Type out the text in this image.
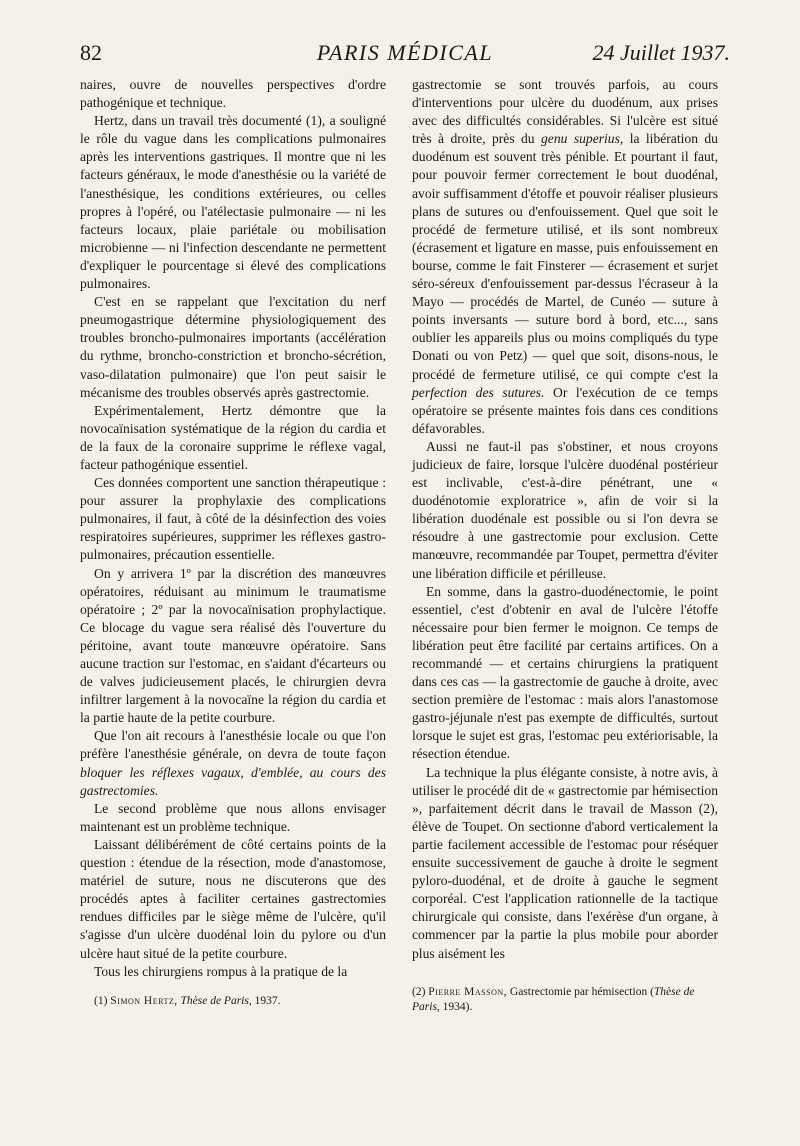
82	PARIS MÉDICAL	24 Juillet 1937.

naires, ouvre de nouvelles perspectives d'ordre pathogénique et technique.

Hertz, dans un travail très documenté (1), a souligné le rôle du vague dans les complications pulmonaires après les interventions gastriques. Il montre que ni les facteurs généraux, le mode d'anesthésie ou la variété de l'anesthésique, les conditions extérieures, ou celles propres à l'opéré, ou l'atélectasie pulmonaire — ni les facteurs locaux, plaie pariétale ou mobilisation microbienne — ni l'infection descendante ne permettent d'expliquer le pourcentage si élevé des complications pulmonaires.

C'est en se rappelant que l'excitation du nerf pneumogastrique détermine physiologiquement des troubles broncho-pulmonaires importants (accélération du rythme, broncho-constriction et broncho-sécrétion, vaso-dilatation pulmonaire) que l'on peut saisir le mécanisme des troubles observés après gastrectomie.

Expérimentalement, Hertz démontre que la novocaïnisation systématique de la région du cardia et de la faux de la coronaire supprime le réflexe vagal, facteur pathogénique essentiel.

Ces données comportent une sanction thérapeutique : pour assurer la prophylaxie des complications pulmonaires, il faut, à côté de la désinfection des voies respiratoires supérieures, supprimer les réflexes gastro-pulmonaires, précaution essentielle.

On y arrivera 1º par la discrétion des manœuvres opératoires, réduisant au minimum le traumatisme opératoire ; 2º par la novocaïnisation prophylactique. Ce blocage du vague sera réalisé dès l'ouverture du péritoine, avant toute manœuvre opératoire. Sans aucune traction sur l'estomac, en s'aidant d'écarteurs ou de valves judicieusement placés, le chirurgien devra infiltrer largement à la novocaïne la région du cardia et la partie haute de la petite courbure.

Que l'on ait recours à l'anesthésie locale ou que l'on préfère l'anesthésie générale, on devra de toute façon bloquer les réflexes vagaux, d'emblée, au cours des gastrectomies.

Le second problème que nous allons envisager maintenant est un problème technique.

Laissant délibérément de côté certains points de la question : étendue de la résection, mode d'anastomose, matériel de suture, nous ne discuterons que des procédés aptes à faciliter certaines gastrectomies rendues difficiles par le siège même de l'ulcère, qu'il s'agisse d'un ulcère duodénal loin du pylore ou d'un ulcère haut situé de la petite courbure.

Tous les chirurgiens rompus à la pratique de la

gastrectomie se sont trouvés parfois, au cours d'interventions pour ulcère du duodénum, aux prises avec des difficultés considérables. Si l'ulcère est situé très à droite, près du genu superius, la libération du duodénum est souvent très pénible. Et pourtant il faut, pour pouvoir fermer correctement le bout duodénal, avoir suffisamment d'étoffe et pouvoir réaliser plusieurs plans de sutures ou d'enfouissement. Quel que soit le procédé de fermeture utilisé, et ils sont nombreux (écrasement et ligature en masse, puis enfouissement en bourse, comme le fait Finsterer — écrasement et surjet séro-séreux d'enfouissement par-dessus l'écraseur à la Mayo — procédés de Martel, de Cunéo — suture à points inversants — suture bord à bord, etc..., sans oublier les appareils plus ou moins compliqués du type Donati ou von Petz) — quel que soit, disons-nous, le procédé de fermeture utilisé, ce qui compte c'est la perfection des sutures. Or l'exécution de ce temps opératoire se présente maintes fois dans ces conditions défavorables.

Aussi ne faut-il pas s'obstiner, et nous croyons judicieux de faire, lorsque l'ulcère duodénal postérieur est inclivable, c'est-à-dire pénétrant, une « duodénotomie exploratrice », afin de voir si la libération duodénale est possible ou si l'on devra se résoudre à une gastrectomie pour exclusion. Cette manœuvre, recommandée par Toupet, permettra d'éviter une libération difficile et périlleuse.

En somme, dans la gastro-duodénectomie, le point essentiel, c'est d'obtenir en aval de l'ulcère l'étoffe nécessaire pour bien fermer le moignon. Ce temps de libération peut être facilité par certains artifices. On a recommandé — et certains chirurgiens la pratiquent dans ces cas — la gastrectomie de gauche à droite, avec section première de l'estomac : mais alors l'anastomose gastro-jéjunale n'est pas exempte de difficultés, surtout lorsque le sujet est gras, l'estomac peu extériorisable, la résection étendue.

La technique la plus élégante consiste, à notre avis, à utiliser le procédé dit de « gastrectomie par hémisection », parfaitement décrit dans le travail de Masson (2), élève de Toupet. On sectionne d'abord verticalement la partie facilement accessible de l'estomac pour réséquer ensuite successivement de gauche à droite le segment pyloro-duodénal, et de droite à gauche le segment corporéal. C'est l'application rationnelle de la tactique chirurgicale qui consiste, dans l'exérèse d'un organe, à commencer par la partie la plus mobile pour aborder plus aisément les

(1) Simon Hertz, Thèse de Paris, 1937.
(2) Pierre Masson, Gastrectomie par hémisection (Thèse de Paris, 1934).
